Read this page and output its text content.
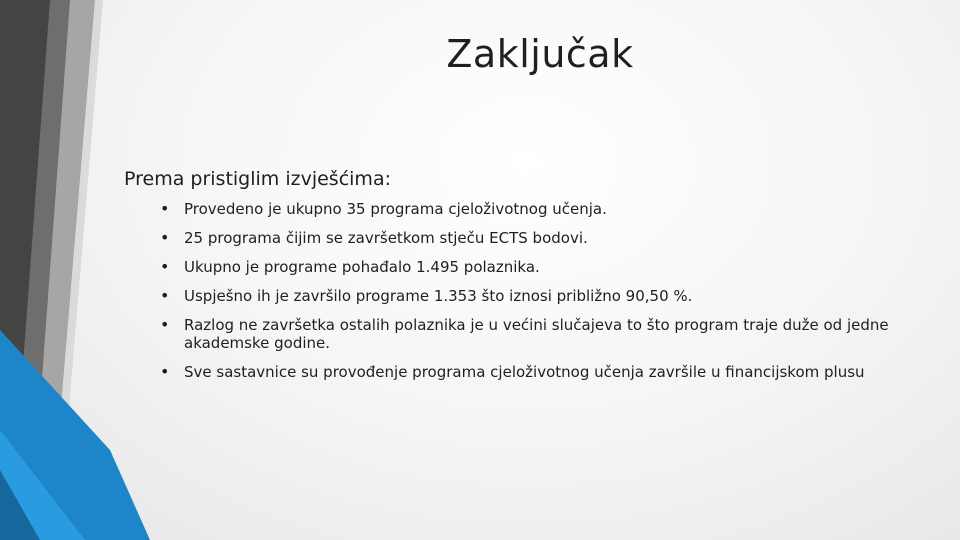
Zaključak
Prema pristiglim izvješćima:
• Provedeno je ukupno 35 programa cjeloživotnog učenja.
• 25 programa čijim se završetkom stječu ECTS bodovi.
• Ukupno je programe pohađalo 1.495 polaznika.
• Uspješno ih je završilo programe 1.353 što iznosi približno 90,50 %.
• Razlog ne završetka ostalih polaznika je u većini slučajeva to što program traje duže od jedne akademske godine.
• Sve sastavnice su provođenje programa cjeloživotnog učenja završile u financijskom plusu
